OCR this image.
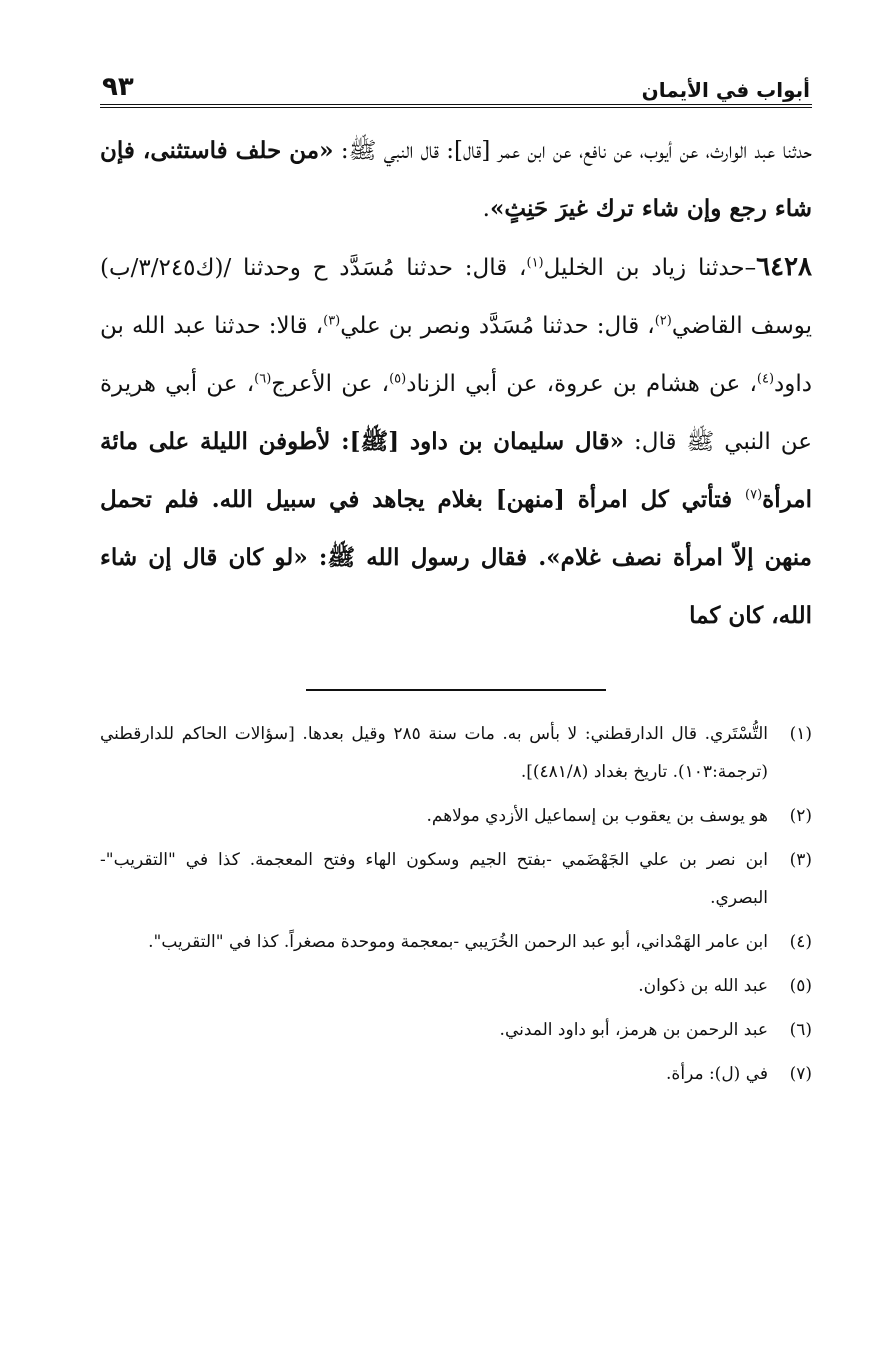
أبواب في الأيمان
٩٣

حدثنا عبد الوارث، عن أيوب، عن نافع، عن ابن عمر [قال]: قال النبي ﷺ: «من حلف فاستثنى، فإن شاء رجع وإن شاء ترك غيرَ حَنِثٍ».

٦٤٢٨–حدثنا زياد بن الخليل$^{(١)}$، قال: حدثنا مُسَدَّد ح وحدثنا /(ك٣/٢٤٥/ب) يوسف القاضي$^{(٢)}$، قال: حدثنا مُسَدَّد ونصر بن علي$^{(٣)}$، قالا: حدثنا عبد الله بن داود$^{(٤)}$، عن هشام بن عروة، عن أبي الزناد$^{(٥)}$، عن الأعرج$^{(٦)}$، عن أبي هريرة عن النبي ﷺ قال: «قال سليمان بن داود [ﷺ]: لأطوفن الليلة على مائة امرأة$^{(٧)}$ فتأتي كل امرأة [منهن] بغلام يجاهد في سبيل الله. فلم تحمل منهن إلاّ امرأة نصف غلام». فقال رسول الله ﷺ: «لو كان قال إن شاء الله، كان كما

(١)
التُّسْتَري. قال الدارقطني: لا بأس به. مات سنة ٢٨٥ وقيل بعدها. [سؤالات الحاكم للدارقطني (ترجمة:١٠٣). تاريخ بغداد (٤٨١/٨)].
(٢)
هو يوسف بن يعقوب بن إسماعيل الأزدي مولاهم.
(٣)
ابن نصر بن علي الجَهْضَمي -بفتح الجيم وسكون الهاء وفتح المعجمة. كذا في "التقريب"- البصري.
(٤)
ابن عامر الهَمْداني، أبو عبد الرحمن الخُرَيبي -بمعجمة وموحدة مصغراً. كذا في "التقريب".
(٥)
عبد الله بن ذكوان.
(٦)
عبد الرحمن بن هرمز، أبو داود المدني.
(٧)
في (ل): مرأة.
